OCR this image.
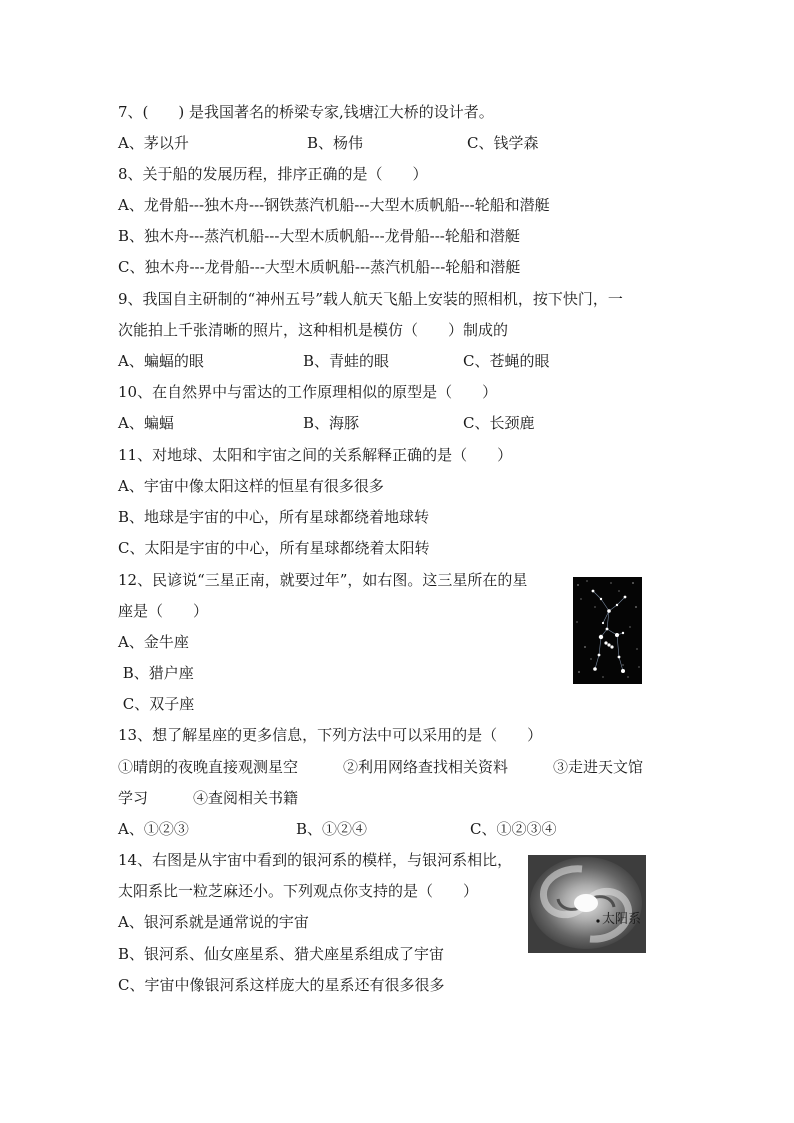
7、(　　) 是我国著名的桥梁专家,钱塘江大桥的设计者。
A、茅以升	B、杨伟	C、钱学森
8、关于船的发展历程，排序正确的是（　　）
A、龙骨船---独木舟---钢铁蒸汽机船---大型木质帆船---轮船和潜艇
B、独木舟---蒸汽机船---大型木质帆船---龙骨船---轮船和潜艇
C、独木舟---龙骨船---大型木质帆船---蒸汽机船---轮船和潜艇
9、我国自主研制的“神州五号”载人航天飞船上安装的照相机，按下快门，一
次能拍上千张清晰的照片，这种相机是模仿（　　）制成的
A、蝙蝠的眼	B、青蛙的眼	C、苍蝇的眼
10、在自然界中与雷达的工作原理相似的原型是（　　）
A、蝙蝠	B、海豚	C、长颈鹿
11、对地球、太阳和宇宙之间的关系解释正确的是（　　）
A、宇宙中像太阳这样的恒星有很多很多
B、地球是宇宙的中心，所有星球都绕着地球转
C、太阳是宇宙的中心，所有星球都绕着太阳转
12、民谚说“三星正南，就要过年”，如右图。这三星所在的星
座是（　　）
A、金牛座
B、猎户座
C、双子座
13、想了解星座的更多信息，下列方法中可以采用的是（　　）
①晴朗的夜晚直接观测星空　　　②利用网络查找相关资料　　　③走进天文馆
学习　　　④查阅相关书籍
A、①②③	B、①②④	C、①②③④
14、右图是从宇宙中看到的银河系的模样，与银河系相比，
太阳系比一粒芝麻还小。下列观点你支持的是（　　）
A、银河系就是通常说的宇宙
B、银河系、仙女座星系、猎犬座星系组成了宇宙
C、宇宙中像银河系这样庞大的星系还有很多很多
太阳系
